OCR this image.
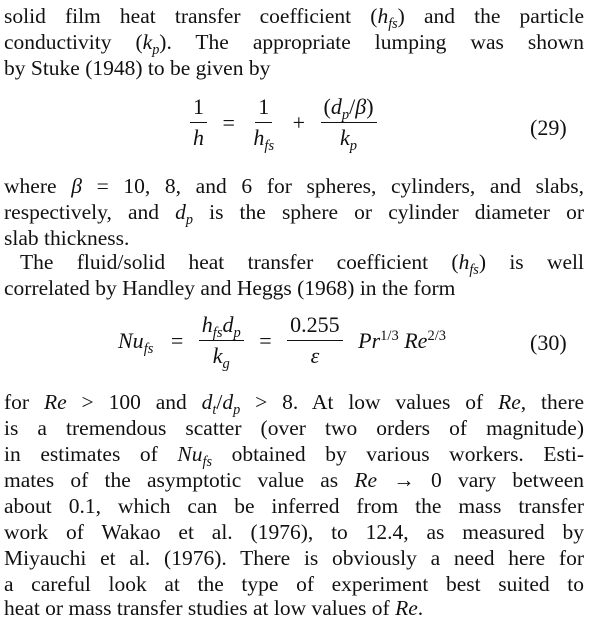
solid film heat transfer coefficient $(h_{fs})$ and the particle
conductivity $(k_p)$. The appropriate lumping was shown
by Stuke (1948) to be given by
$\frac{1}{h} = \frac{1}{h_{fs}} + \frac{(d_p/\beta)}{k_p}$	(29)
where β = 10, 8, and 6 for spheres, cylinders, and slabs,
respectively, and $d_p$ is the sphere or cylinder diameter or
slab thickness.
The fluid/solid heat transfer coefficient $(h_{fs})$ is well
correlated by Handley and Heggs (1968) in the form
$Nu_{fs} = \frac{h_{fs}d_p}{k_g} = \frac{0.255}{\varepsilon} Pr^{1/3}$ $Re^{2/3}$	(30)
for Re > 100 and $d_t/d_p > 8$. At low values of Re, there
is a tremendous scatter (over two orders of magnitude)
in estimates of $Nu_{fs}$ obtained by various workers. Esti-
mates of the asymptotic value as Re → 0 vary between
about 0.1, which can be inferred from the mass transfer
work of Wakao et al. (1976), to 12.4, as measured by
Miyauchi et al. (1976). There is obviously a need here for
a careful look at the type of experiment best suited to
heat or mass transfer studies at low values of Re.
